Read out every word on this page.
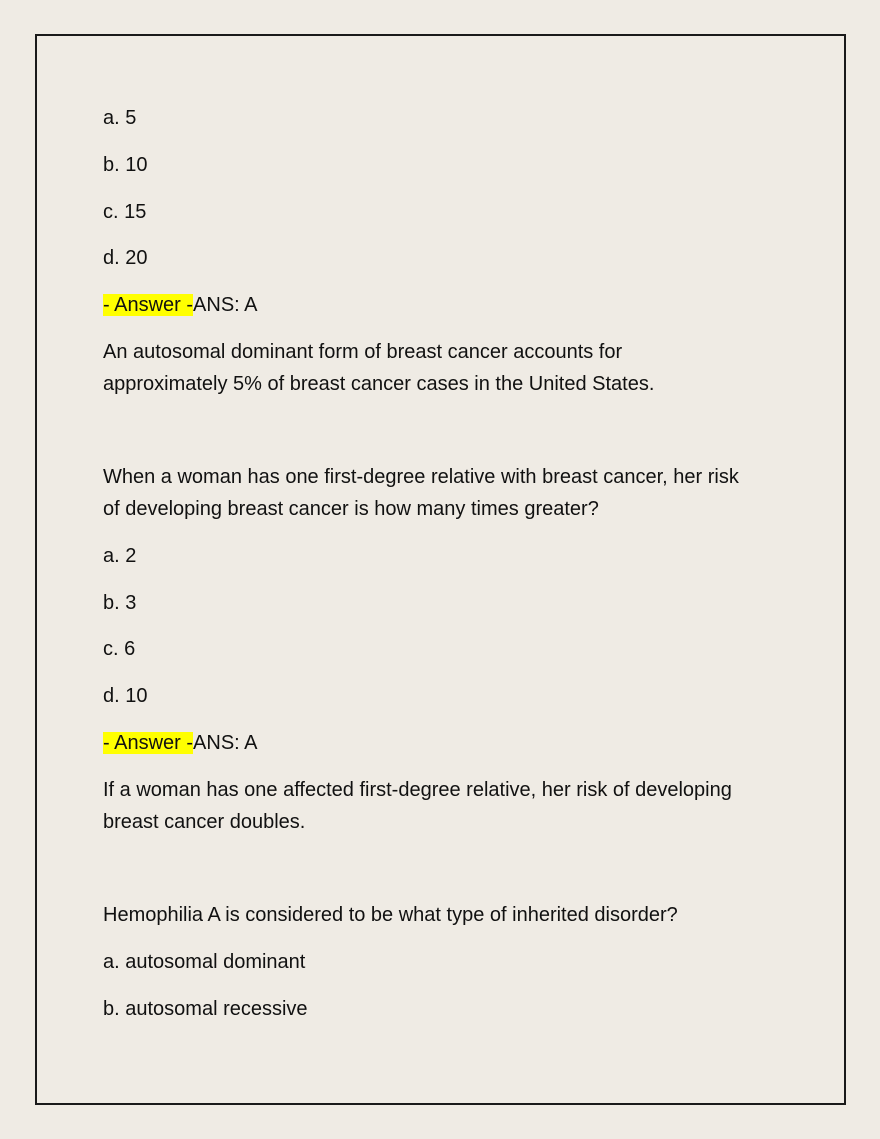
a. 5
b. 10
c. 15
d. 20
- Answer -ANS: A
An autosomal dominant form of breast cancer accounts for
approximately 5% of breast cancer cases in the United States.
When a woman has one first-degree relative with breast cancer, her risk
of developing breast cancer is how many times greater?
a. 2
b. 3
c. 6
d. 10
- Answer -ANS: A
If a woman has one affected first-degree relative, her risk of developing
breast cancer doubles.
Hemophilia A is considered to be what type of inherited disorder?
a. autosomal dominant
b. autosomal recessive
